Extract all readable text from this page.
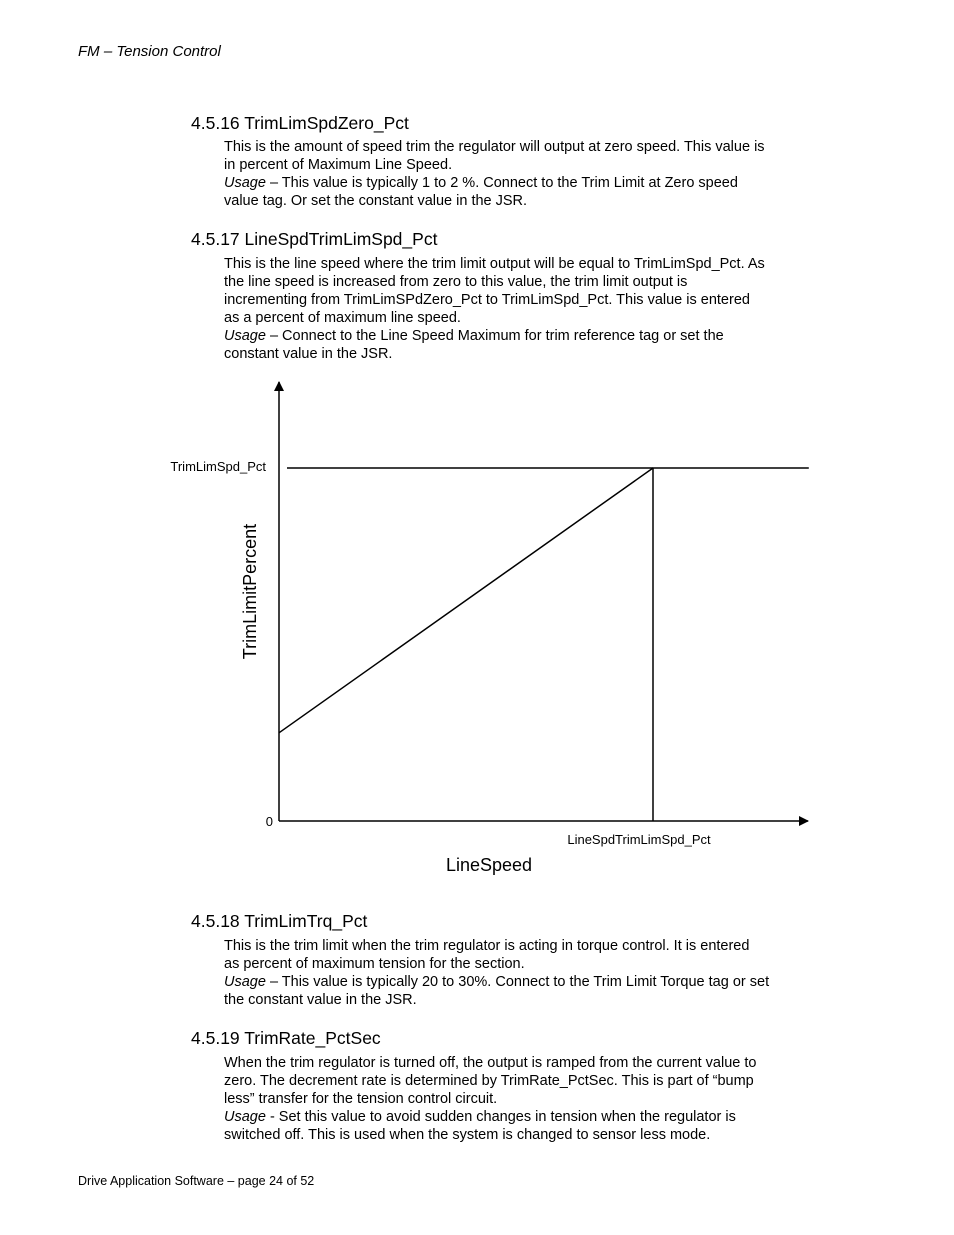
FM – Tension Control
4.5.16 TrimLimSpdZero_Pct
This is the amount of speed trim the regulator will output at zero speed. This value is
in percent of Maximum Line Speed.
Usage – This value is typically 1 to 2 %. Connect to the Trim Limit at Zero speed
value tag. Or set the constant value in the JSR.
4.5.17 LineSpdTrimLimSpd_Pct
This is the line speed where the trim limit output will be equal to TrimLimSpd_Pct. As
the line speed is increased from zero to this value, the trim limit output is
incrementing from TrimLimSPdZero_Pct to TrimLimSpd_Pct. This value is entered
as a percent of maximum line speed.
Usage – Connect to the Line Speed Maximum for trim reference tag or set the
constant value in the JSR.
0
TrimLimSpd_Pct
LineSpdTrimLimSpd_Pct
LineSpeed
TrimLimitPercent
4.5.18 TrimLimTrq_Pct
This is the trim limit when the trim regulator is acting in torque control. It is entered
as percent of maximum tension for the section.
Usage – This value is typically 20 to 30%. Connect to the Trim Limit Torque tag or set
the constant value in the JSR.
4.5.19 TrimRate_PctSec
When the trim regulator is turned off, the output is ramped from the current value to
zero. The decrement rate is determined by TrimRate_PctSec. This is part of “bump
less” transfer for the tension control circuit.
Usage - Set this value to avoid sudden changes in tension when the regulator is
switched off. This is used when the system is changed to sensor less mode.
Drive Application Software – page 24 of 52
